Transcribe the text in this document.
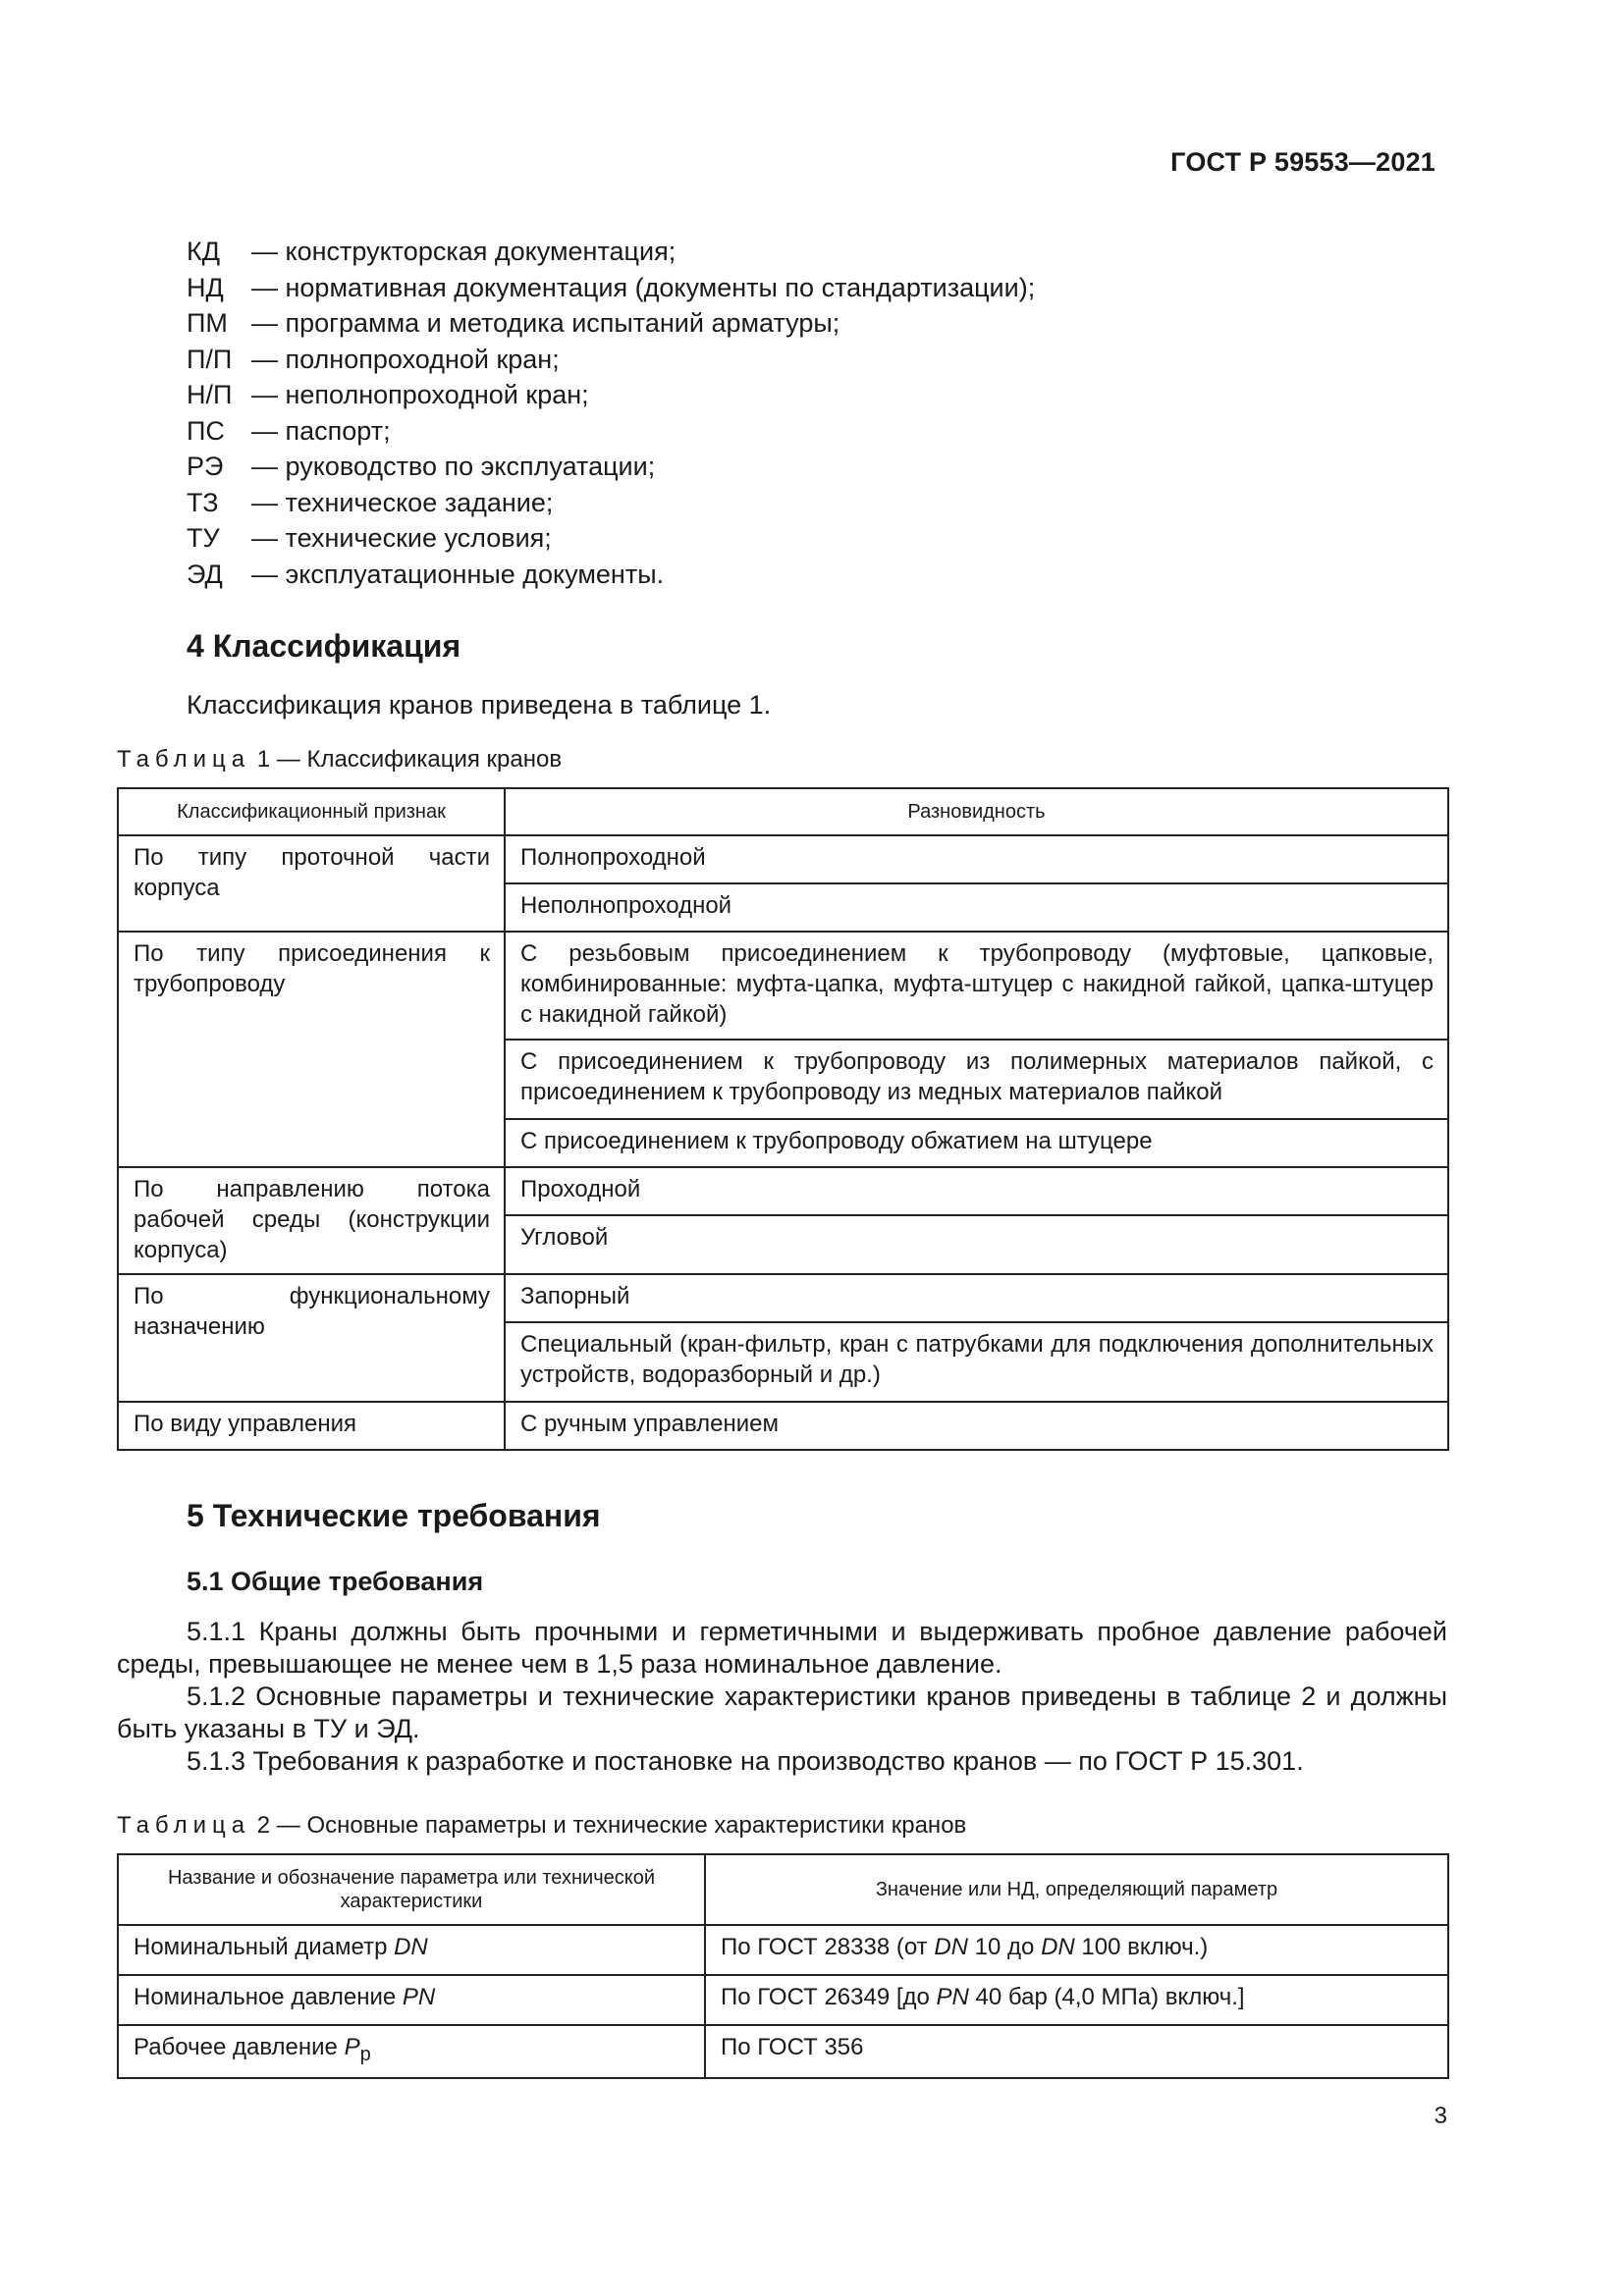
ГОСТ Р 59553—2021
КД — конструкторская документация;
НД — нормативная документация (документы по стандартизации);
ПМ — программа и методика испытаний арматуры;
П/П — полнопроходной кран;
Н/П — неполнопроходной кран;
ПС — паспорт;
РЭ — руководство по эксплуатации;
ТЗ — техническое задание;
ТУ — технические условия;
ЭД — эксплуатационные документы.
4 Классификация
Классификация кранов приведена в таблице 1.
Таблица 1 — Классификация кранов
Классификационный признак	Разновидность
По типу проточной части корпуса	Полнопроходной
	Неполнопроходной
По типу присоединения к трубопроводу	С резьбовым присоединением к трубопроводу (муфтовые, цапковые, комбинированные: муфта-цапка, муфта-штуцер с накидной гайкой, цапка-штуцер с накидной гайкой)
	С присоединением к трубопроводу из полимерных материалов пайкой, с присоединением к трубопроводу из медных материалов пайкой
	С присоединением к трубопроводу обжатием на штуцере
По направлению потока рабочей среды (конструкции корпуса)	Проходной
	Угловой
По функциональному назначению	Запорный
	Специальный (кран-фильтр, кран с патрубками для подключения дополнительных устройств, водоразборный и др.)
По виду управления	С ручным управлением
5 Технические требования
5.1 Общие требования

5.1.1 Краны должны быть прочными и герметичными и выдерживать пробное давление рабочей среды, превышающее не менее чем в 1,5 раза номинальное давление.

5.1.2 Основные параметры и технические характеристики кранов приведены в таблице 2 и должны быть указаны в ТУ и ЭД.

5.1.3 Требования к разработке и постановке на производство кранов — по ГОСТ Р 15.301.

Таблица 2 — Основные параметры и технические характеристики кранов
Название и обозначение параметра или технической характеристики	Значение или НД, определяющий параметр
Номинальный диаметр DN	По ГОСТ 28338 (от DN 10 до DN 100 включ.)
Номинальное давление PN	По ГОСТ 26349 [до PN 40 бар (4,0 МПа) включ.]
Рабочее давление $P_р$	По ГОСТ 356
3
